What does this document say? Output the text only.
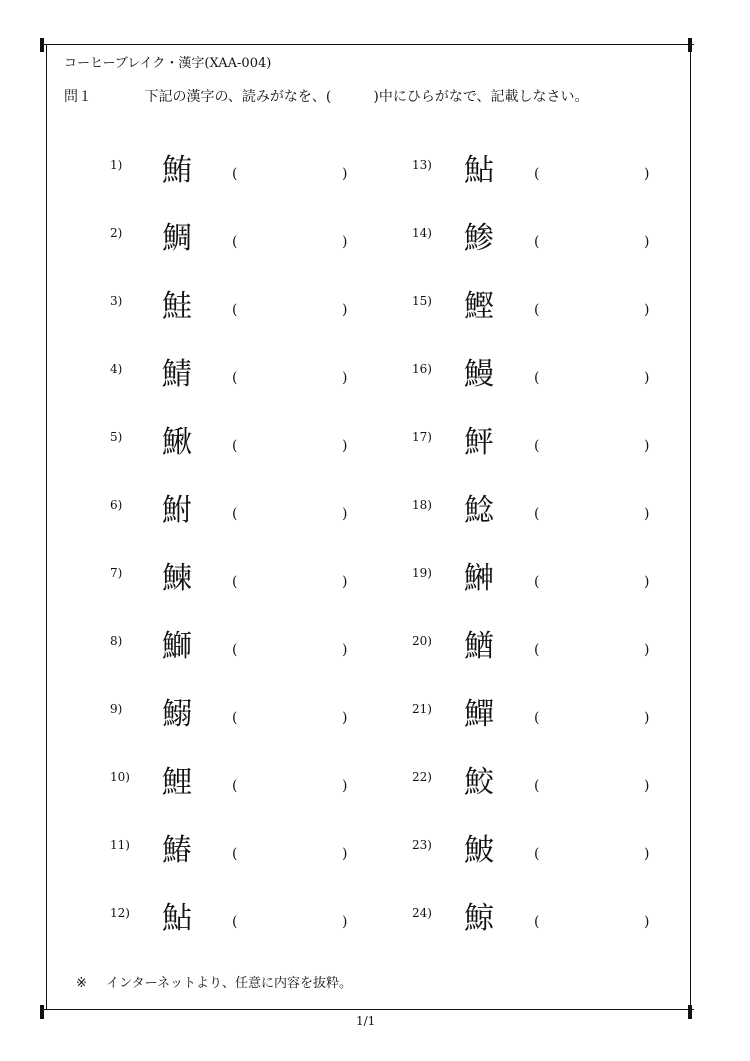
コーヒーブレイク・漢字(XAA-004)
問１	下記の漢字の、読みがなを、(　　　)中にひらがなで、記載しなさい。
1) 鮪	(	)
2) 鯛	(	)
3) 鮭	(	)
4) 鯖	(	)
5) 鰍	(	)
6) 鮒	(	)
7) 鰊	(	)
8) 鰤	(	)
9) 鰯	(	)
10) 鯉	(	)
11) 鰆	(	)
12) 鮎	(	)
13) 鮎	(	)
14) 鯵	(	)
15) 鰹	(	)
16) 鰻	(	)
17) 鮃	(	)
18) 鯰	(	)
19) 鰰	(	)
20) 鰌	(	)
21) 鱓	(	)
22) 鮫	(	)
23) 鮍	(	)
24) 鯨	(	)
※ インターネットより、任意に内容を抜粋。
1/1
